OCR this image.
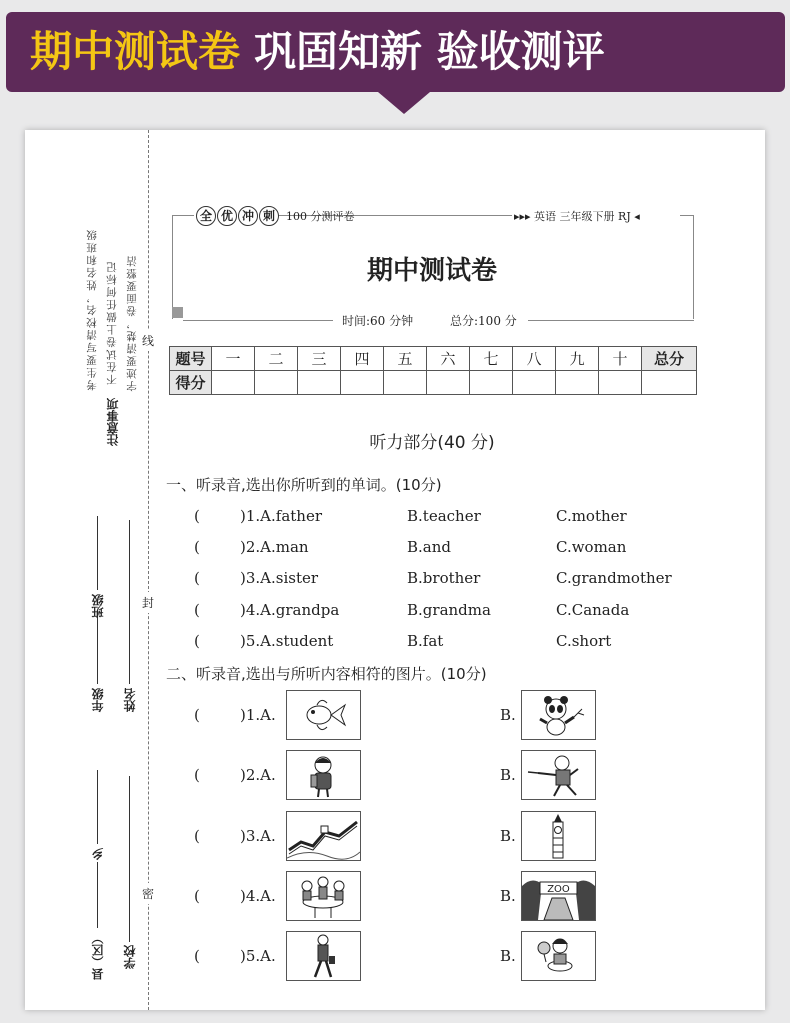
期中测试卷 巩固知新 验收测评
考生要写清校名，姓名和班级 不在试卷上做任何标记 字迹要清楚，卷面要整洁
注意事项
县（区）
乡
学校
年级
班级
姓名
线
封
密
全 优 冲 刺	100 分测评卷	▸▸▸ 英语 三年级下册 RJ ◂
期中测试卷
时间:60 分钟	总分:100 分
题号	一	二	三	四	五	六	七	八	九	十	总分
得分											
听力部分(40 分)
一、听录音,选出你所听到的单词。(10分)
(	)1.A.father	B.teacher	C.mother
(	)2.A.man	B.and	C.woman
(	)3.A.sister	B.brother	C.grandmother
(	)4.A.grandpa	B.grandma	C.Canada
(	)5.A.student	B.fat	C.short
二、听录音,选出与所听内容相符的图片。(10分)
(	)1.A.	B.
(	)2.A.	B.
(	)3.A.	B.
(	)4.A.	B.	ZOO
(	)5.A.	B.
